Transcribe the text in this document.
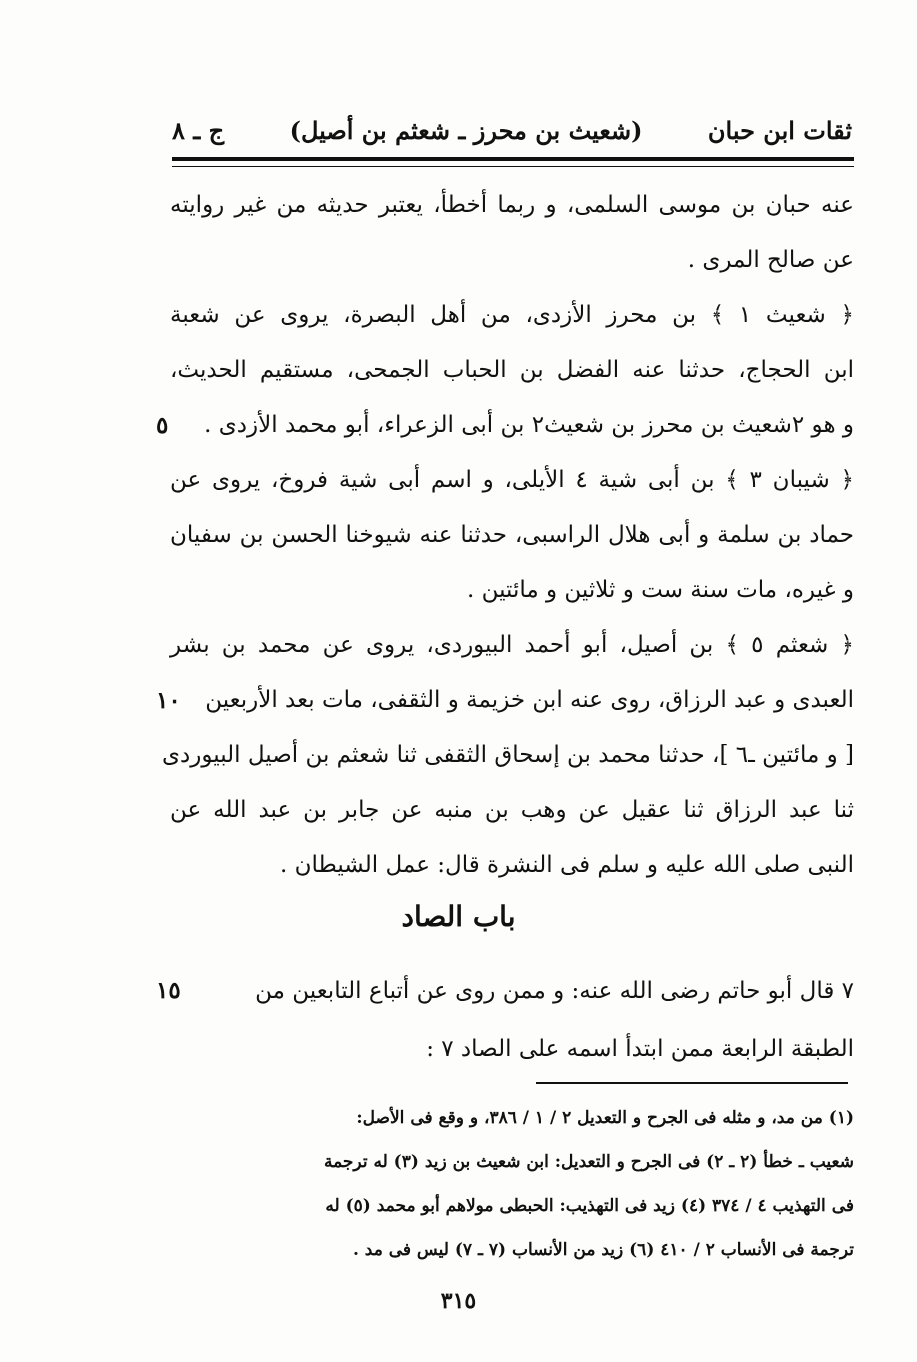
ثقات ابن حبان
(شعيث بن محرز ـ شعثم بن أصيل)
ج ـ ٨
عنه حبان بن موسى السلمى، و ربما أخطأ، يعتبر حديثه من غير روايته
عن صالح المرى .
﴿ شعيث ١ ﴾ بن محرز الأزدى، من أهل البصرة، يروى عن شعبة
ابن الحجاج، حدثنا عنه الفضل بن الحباب الجمحى، مستقيم الحديث،
و هو ٢شعيث بن محرز بن شعيث٢ بن أبى الزعراء، أبو محمد الأزدى .
٥
﴿ شيبان ٣ ﴾ بن أبى شية ٤ الأيلى، و اسم أبى شية فروخ، يروى عن
حماد بن سلمة و أبى هلال الراسبى، حدثنا عنه شيوخنا الحسن بن سفيان
و غيره، مات سنة ست و ثلاثين و مائتين .
﴿ شعثم ٥ ﴾ بن أصيل، أبو أحمد البيوردى، يروى عن محمد بن بشر
العبدى و عبد الرزاق، روى عنه ابن خزيمة و الثقفى، مات بعد الأربعين
١٠
[ و مائتين ـ٦ ]، حدثنا محمد بن إسحاق الثقفى ثنا شعثم بن أصيل البيوردى
ثنا عبد الرزاق ثنا عقيل عن وهب بن منبه عن جابر بن عبد الله عن
النبى صلى الله عليه و سلم فى النشرة قال: عمل الشيطان .
باب الصاد
٧ قال أبو حاتم رضى الله عنه: و ممن روى عن أتباع التابعين من
١٥
الطبقة الرابعة ممن ابتدأ اسمه على الصاد ٧ :
(١) من مد، و مثله فى الجرح و التعديل ٢ / ١ / ٣٨٦، و وقع فى الأصل:
شعيب ـ خطأ (٢ ـ ٢) فى الجرح و التعديل: ابن شعيث بن زيد (٣) له ترجمة
فى التهذيب ٤ / ٣٧٤ (٤) زيد فى التهذيب: الحبطى مولاهم أبو محمد (٥) له
ترجمة فى الأنساب ٢ / ٤١٠ (٦) زيد من الأنساب (٧ ـ ٧) ليس فى مد .
٣١٥
